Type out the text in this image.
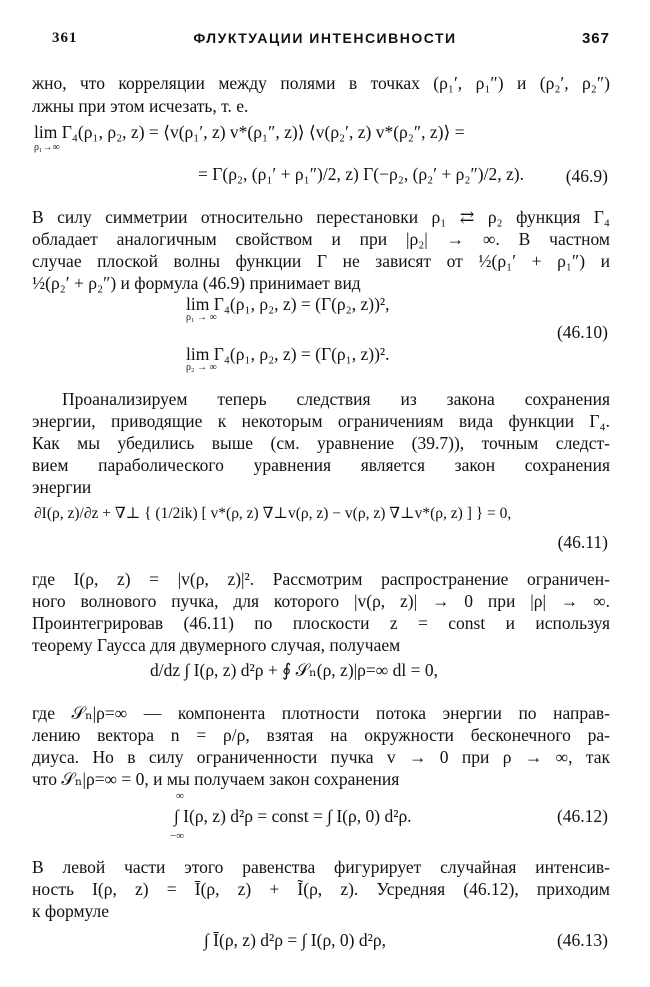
361	ФЛУКТУАЦИИ ИНТЕНСИВНОСТИ	367
жно, что корреляции между полями в точках (ρ₁′, ρ₁″) и (ρ₂′, ρ₂″)
лжны при этом исчезать, т. е.
lim Γ₄(ρ₁, ρ₂, z) = ⟨v(ρ₁′, z) v*(ρ₁″, z)⟩ ⟨v(ρ₂′, z) v*(ρ₂″, z)⟩ =
ρ₁→∞
= Γ(ρ₂, (ρ₁′ + ρ₁″)/2, z) Γ(−ρ₂, (ρ₂′ + ρ₂″)/2, z). (46.9)
В силу симметрии относительно перестановки ρ₁ ⇄ ρ₂ функция Γ₄
обладает аналогичным свойством и при |ρ₂| → ∞. В частном
случае плоской волны функции Γ не зависят от ½(ρ₁′ + ρ₁″) и
½(ρ₂′ + ρ₂″) и формула (46.9) принимает вид
lim Γ₄(ρ₁, ρ₂, z) = (Γ(ρ₂, z))²,
ρ₁ → ∞
(46.10)
lim Γ₄(ρ₁, ρ₂, z) = (Γ(ρ₁, z))².
ρ₂ → ∞
Проанализируем теперь следствия из закона сохранения
энергии, приводящие к некоторым ограничениям вида функции Γ₄.
Как мы убедились выше (см. уравнение (39.7)), точным следст-
вием параболического уравнения является закон сохранения
энергии
∂I(ρ, z)/∂z + ∇⊥ { (1/2ik) [ v*(ρ, z) ∇⊥v(ρ, z) − v(ρ, z) ∇⊥v*(ρ, z) ] } = 0,
(46.11)
где I(ρ, z) = |v(ρ, z)|². Рассмотрим распространение ограничен-
ного волнового пучка, для которого |v(ρ, z)| → 0 при |ρ| → ∞.
Проинтегрировав (46.11) по плоскости z = const и используя
теорему Гаусса для двумерного случая, получаем
d/dz ∫ I(ρ, z) d²ρ + ∮ 𝒮ₙ(ρ, z)|ρ=∞ dl = 0,
где 𝒮ₙ|ρ=∞ — компонента плотности потока энергии по направ-
лению вектора n = ρ/ρ, взятая на окружности бесконечного ра-
диуса. Но в силу ограниченности пучка v → 0 при ρ → ∞, так
что 𝒮ₙ|ρ=∞ = 0, и мы получаем закон сохранения
∞
∫ I(ρ, z) d²ρ = const = ∫ I(ρ, 0) d²ρ.
−∞
(46.12)
В левой части этого равенства фигурирует случайная интенсив-
ность I(ρ, z) = Ī(ρ, z) + Ĩ(ρ, z). Усредняя (46.12), приходим
к формуле
∫ Ī(ρ, z) d²ρ = ∫ I(ρ, 0) d²ρ,	(46.13)
